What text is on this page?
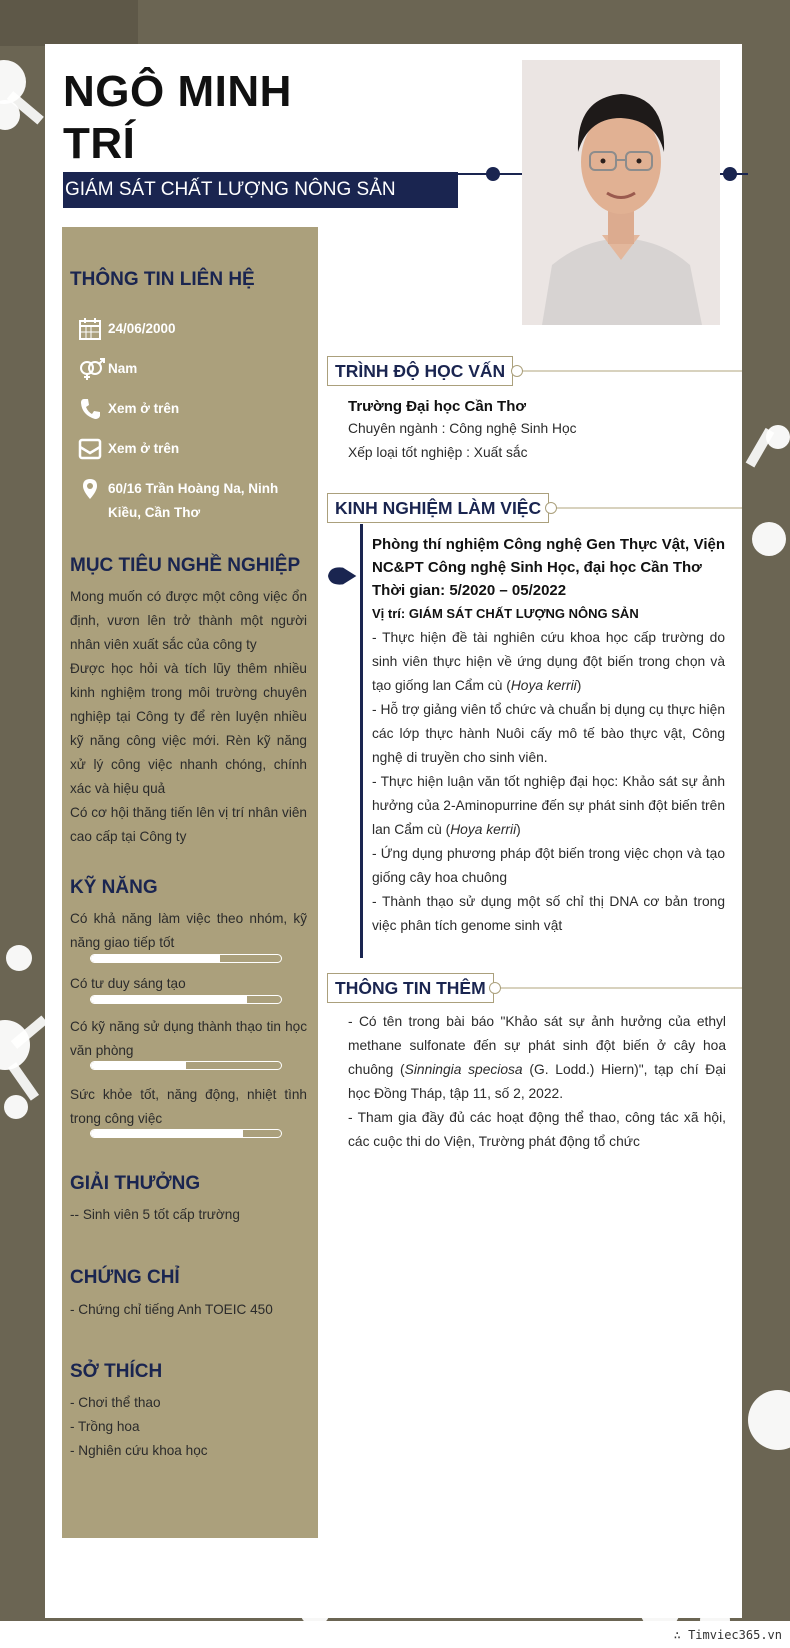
∴ Timviec365.vn
NGÔ MINH
TRÍ
GIÁM SÁT CHẤT LƯỢNG NÔNG SẢN
THÔNG TIN LIÊN HỆ
24/06/2000
Nam
Xem ở trên
Xem ở trên
60/16 Trần Hoàng Na, Ninh Kiều, Cần Thơ
MỤC TIÊU NGHỀ NGHIỆP
Mong muốn có được một công việc ổn định, vươn lên trở thành một người nhân viên xuất sắc của công ty
Được học hỏi và tích lũy thêm nhiều kinh nghiệm trong môi trường chuyên nghiệp tại Công ty để rèn luyện nhiều kỹ năng công việc mới. Rèn kỹ năng xử lý công việc nhanh chóng, chính xác và hiệu quả
Có cơ hội thăng tiến lên vị trí nhân viên cao cấp tại Công ty
KỸ NĂNG
Có khả năng làm việc theo nhóm, kỹ năng giao tiếp tốt
Có tư duy sáng tạo
Có kỹ năng sử dụng thành thạo tin học văn phòng
Sức khỏe tốt, năng động, nhiệt tình trong công việc
GIẢI THƯỞNG
-- Sinh viên 5 tốt cấp trường
CHỨNG CHỈ
- Chứng chỉ tiếng Anh TOEIC 450
SỞ THÍCH
- Chơi thể thao
- Trồng hoa
- Nghiên cứu khoa học
TRÌNH ĐỘ HỌC VẤN
Trường Đại học Cần Thơ
Chuyên ngành : Công nghệ Sinh Học
Xếp loại tốt nghiệp : Xuất sắc
KINH NGHIỆM LÀM VIỆC
Phòng thí nghiệm Công nghệ Gen Thực Vật, Viện NC&PT Công nghệ Sinh Học, đại học Cần Thơ
Thời gian: 5/2020 – 05/2022
Vị trí: GIÁM SÁT CHẤT LƯỢNG NÔNG SẢN
- Thực hiện đề tài nghiên cứu khoa học cấp trường do sinh viên thực hiện về ứng dụng đột biến trong chọn và tạo giống lan Cẩm cù (Hoya kerrii)
- Hỗ trợ giảng viên tổ chức và chuẩn bị dụng cụ thực hiện các lớp thực hành Nuôi cấy mô tế bào thực vật, Công nghệ di truyền cho sinh viên.
- Thực hiện luận văn tốt nghiệp đại học: Khảo sát sự ảnh hưởng của 2-Aminopurrine đến sự phát sinh đột biến trên lan Cẩm cù (Hoya kerrii)
- Ứng dụng phương pháp đột biến trong việc chọn và tạo giống cây hoa chuông
- Thành thạo sử dụng một số chỉ thị DNA cơ bản trong việc phân tích genome sinh vật
THÔNG TIN THÊM
- Có tên trong bài báo "Khảo sát sự ảnh hưởng của ethyl methane sulfonate đến sự phát sinh đột biến ở cây hoa chuông (Sinningia speciosa (G. Lodd.) Hiern)", tạp chí Đại học Đồng Tháp, tập 11, số 2, 2022.
- Tham gia đầy đủ các hoạt động thể thao, công tác xã hội, các cuộc thi do Viện, Trường phát động tổ chức
